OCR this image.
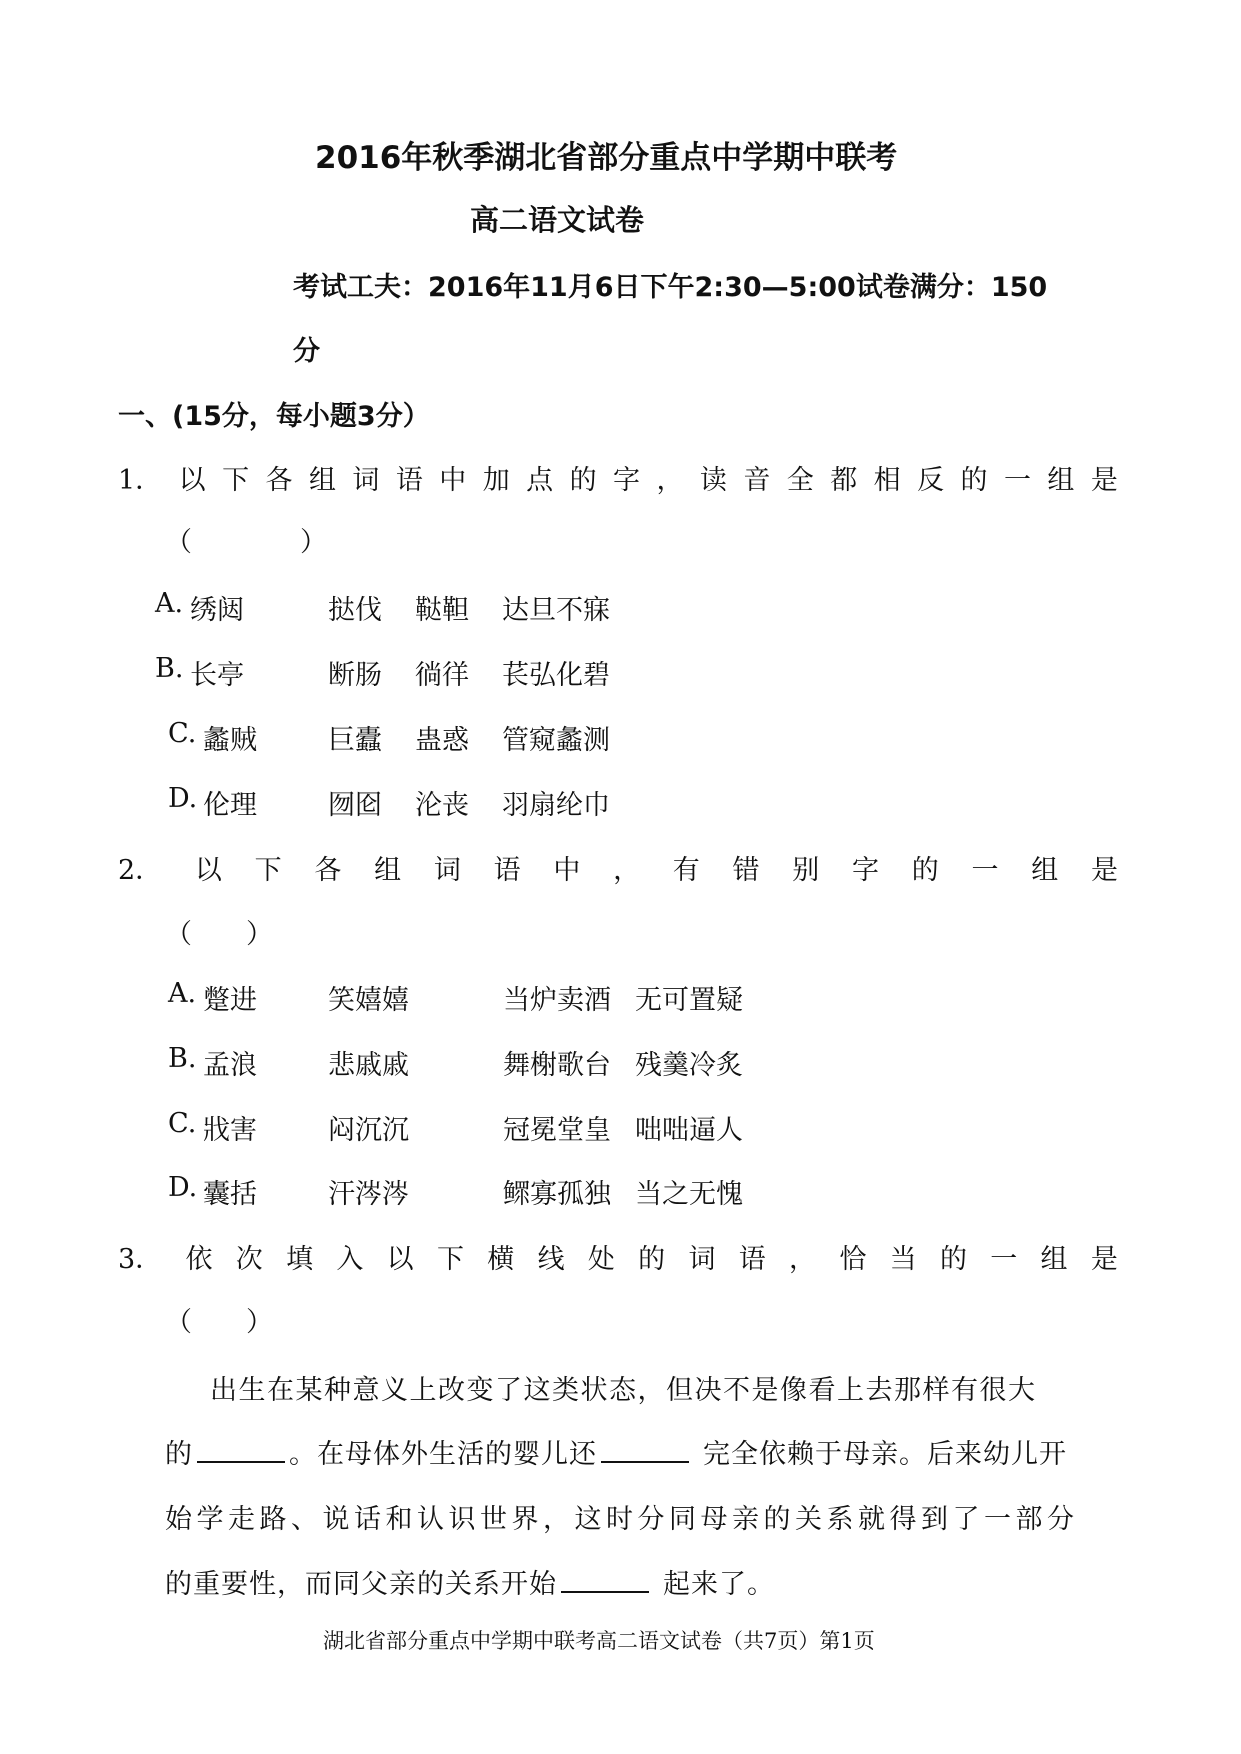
2016年秋季湖北省部分重点中学期中联考
高二语文试卷
考试工夫：2016年11月6日下午2:30—5:00试卷满分：150
分
一、(15分，每小题3分）
1． 以 下 各 组 词 语 中 加 点 的 字 ， 读 音 全 都 相 反 的 一 组 是
（　　　　）
A. 绣闼	挞伐	鞑靼	达旦不寐
B. 长亭	断肠	徜徉	苌弘化碧
C. 蠡贼	巨蠹	蛊惑	管窥蠡测
D. 伦理	囫囵	沦丧	羽扇纶巾
2． 以 下 各 组 词 语 中 ， 有 错 别 字 的 一 组 是
（　　）
A. 蹩进	笑嬉嬉	当炉卖酒 无可置疑
B. 孟浪	悲戚戚	舞榭歌台 残羹冷炙
C. 戕害	闷沉沉	冠冕堂皇 咄咄逼人
D. 囊括	汗涔涔	鳏寡孤独 当之无愧
3． 依 次 填 入 以 下 横 线 处 的 词 语 ， 恰 当 的 一 组 是
（　　）
出生在某种意义上改变了这类状态，但决不是像看上去那样有很大
的	。在母体外生活的婴儿还	完全依赖于母亲。后来幼儿开
始学走路、说话和认识世界，这时分同母亲的关系就得到了一部分
的重要性，而同父亲的关系开始	起来了。
湖北省部分重点中学期中联考高二语文试卷（共7页）第1页
